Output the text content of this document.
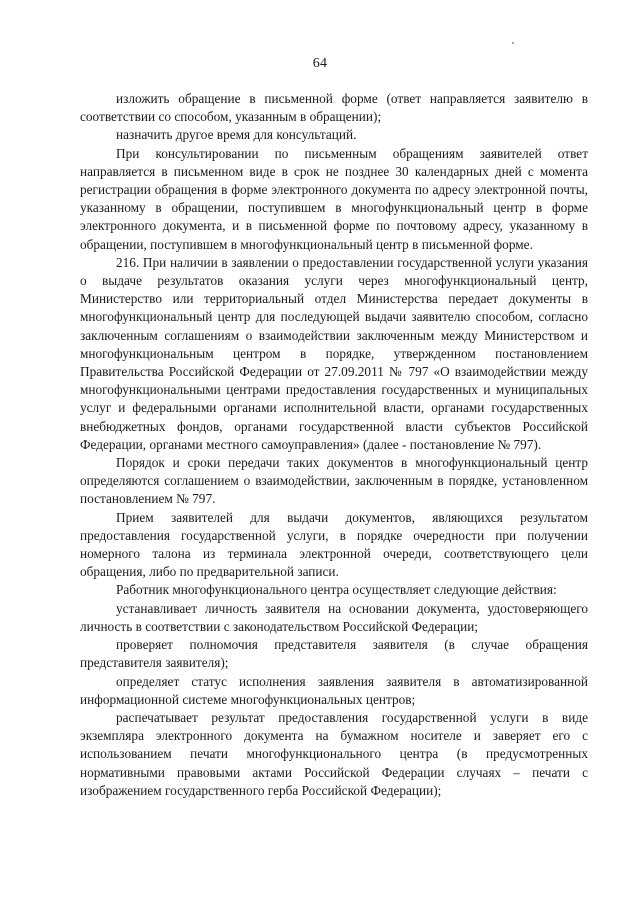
64

изложить обращение в письменной форме (ответ направляется заявителю в соответствии со способом, указанным в обращении);

назначить другое время для консультаций.

При консультировании по письменным обращениям заявителей ответ направляется в письменном виде в срок не позднее 30 календарных дней с момента регистрации обращения в форме электронного документа по адресу электронной почты, указанному в обращении, поступившем в многофункциональный центр в форме электронного документа, и в письменной форме по почтовому адресу, указанному в обращении, поступившем в многофункциональный центр в письменной форме.

216. При наличии в заявлении о предоставлении государственной услуги указания о выдаче результатов оказания услуги через многофункциональный центр, Министерство или территориальный отдел Министерства передает документы в многофункциональный центр для последующей выдачи заявителю способом, согласно заключенным соглашениям о взаимодействии заключенным между Министерством и многофункциональным центром в порядке, утвержденном постановлением Правительства Российской Федерации от 27.09.2011 № 797 «О взаимодействии между многофункциональными центрами предоставления государственных и муниципальных услуг и федеральными органами исполнительной власти, органами государственных внебюджетных фондов, органами государственной власти субъектов Российской Федерации, органами местного самоуправления» (далее - постановление № 797).

Порядок и сроки передачи таких документов в многофункциональный центр определяются соглашением о взаимодействии, заключенным в порядке, установленном постановлением № 797.

Прием заявителей для выдачи документов, являющихся результатом предоставления государственной услуги, в порядке очередности при получении номерного талона из терминала электронной очереди, соответствующего цели обращения, либо по предварительной записи.

Работник многофункционального центра осуществляет следующие действия:

устанавливает личность заявителя на основании документа, удостоверяющего личность в соответствии с законодательством Российской Федерации;

проверяет полномочия представителя заявителя (в случае обращения представителя заявителя);

определяет статус исполнения заявления заявителя в автоматизированной информационной системе многофункциональных центров;

распечатывает результат предоставления государственной услуги в виде экземпляра электронного документа на бумажном носителе и заверяет его с использованием печати многофункционального центра (в предусмотренных нормативными правовыми актами Российской Федерации случаях – печати с изображением государственного герба Российской Федерации);
